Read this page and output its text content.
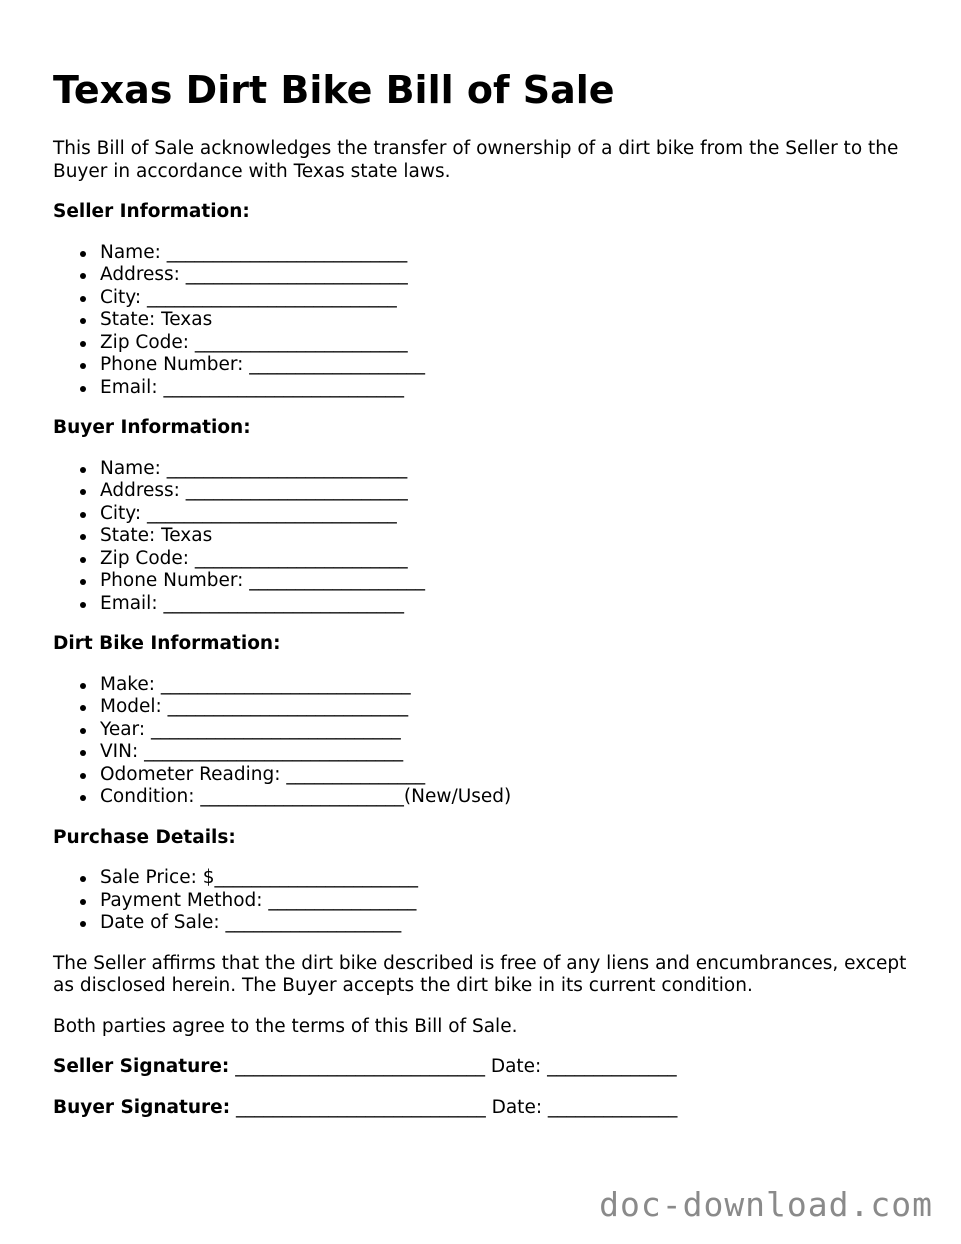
Texas Dirt Bike Bill of Sale

This Bill of Sale acknowledges the transfer of ownership of a dirt bike from the Seller to the Buyer in accordance with Texas state laws.

Seller Information:
Name: __________________________
Address: ________________________
City: ___________________________
State: Texas
Zip Code: _______________________
Phone Number: ___________________
Email: __________________________
Buyer Information:
Name: __________________________
Address: ________________________
City: ___________________________
State: Texas
Zip Code: _______________________
Phone Number: ___________________
Email: __________________________
Dirt Bike Information:
Make: ___________________________
Model: __________________________
Year: ___________________________
VIN: ____________________________
Odometer Reading: _______________
Condition: ______________________(New/Used)
Purchase Details:
Sale Price: $______________________
Payment Method: ________________
Date of Sale: ___________________

The Seller affirms that the dirt bike described is free of any liens and encumbrances, except as disclosed herein. The Buyer accepts the dirt bike in its current condition.

Both parties agree to the terms of this Bill of Sale.

Seller Signature: ___________________________ Date: ______________
Buyer Signature: ___________________________ Date: ______________
doc-download.com
